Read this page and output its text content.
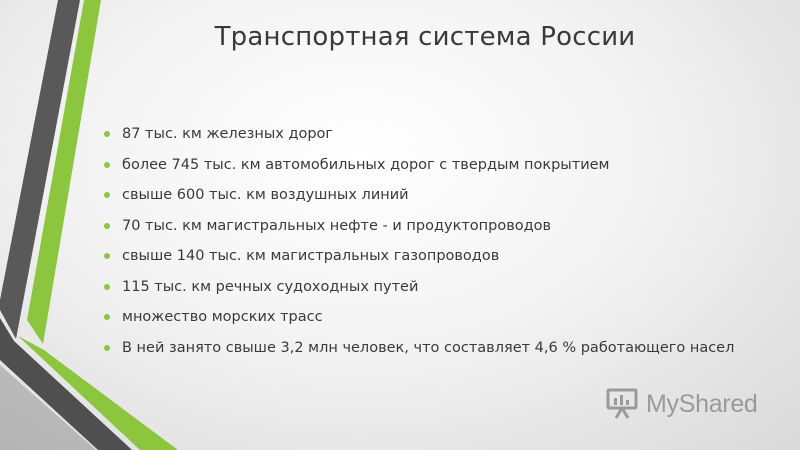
Транспортная система России
87 тыс. км железных дорог
более 745 тыс. км автомобильных дорог с твердым покрытием
свыше 600 тыс. км воздушных линий
70 тыс. км магистральных нефте - и продуктопроводов
свыше 140 тыс. км магистральных газопроводов
115 тыс. км речных судоходных путей
множество морских трасс
В ней занято свыше 3,2 млн человек, что составляет 4,6 % работающего насел
MyShared
